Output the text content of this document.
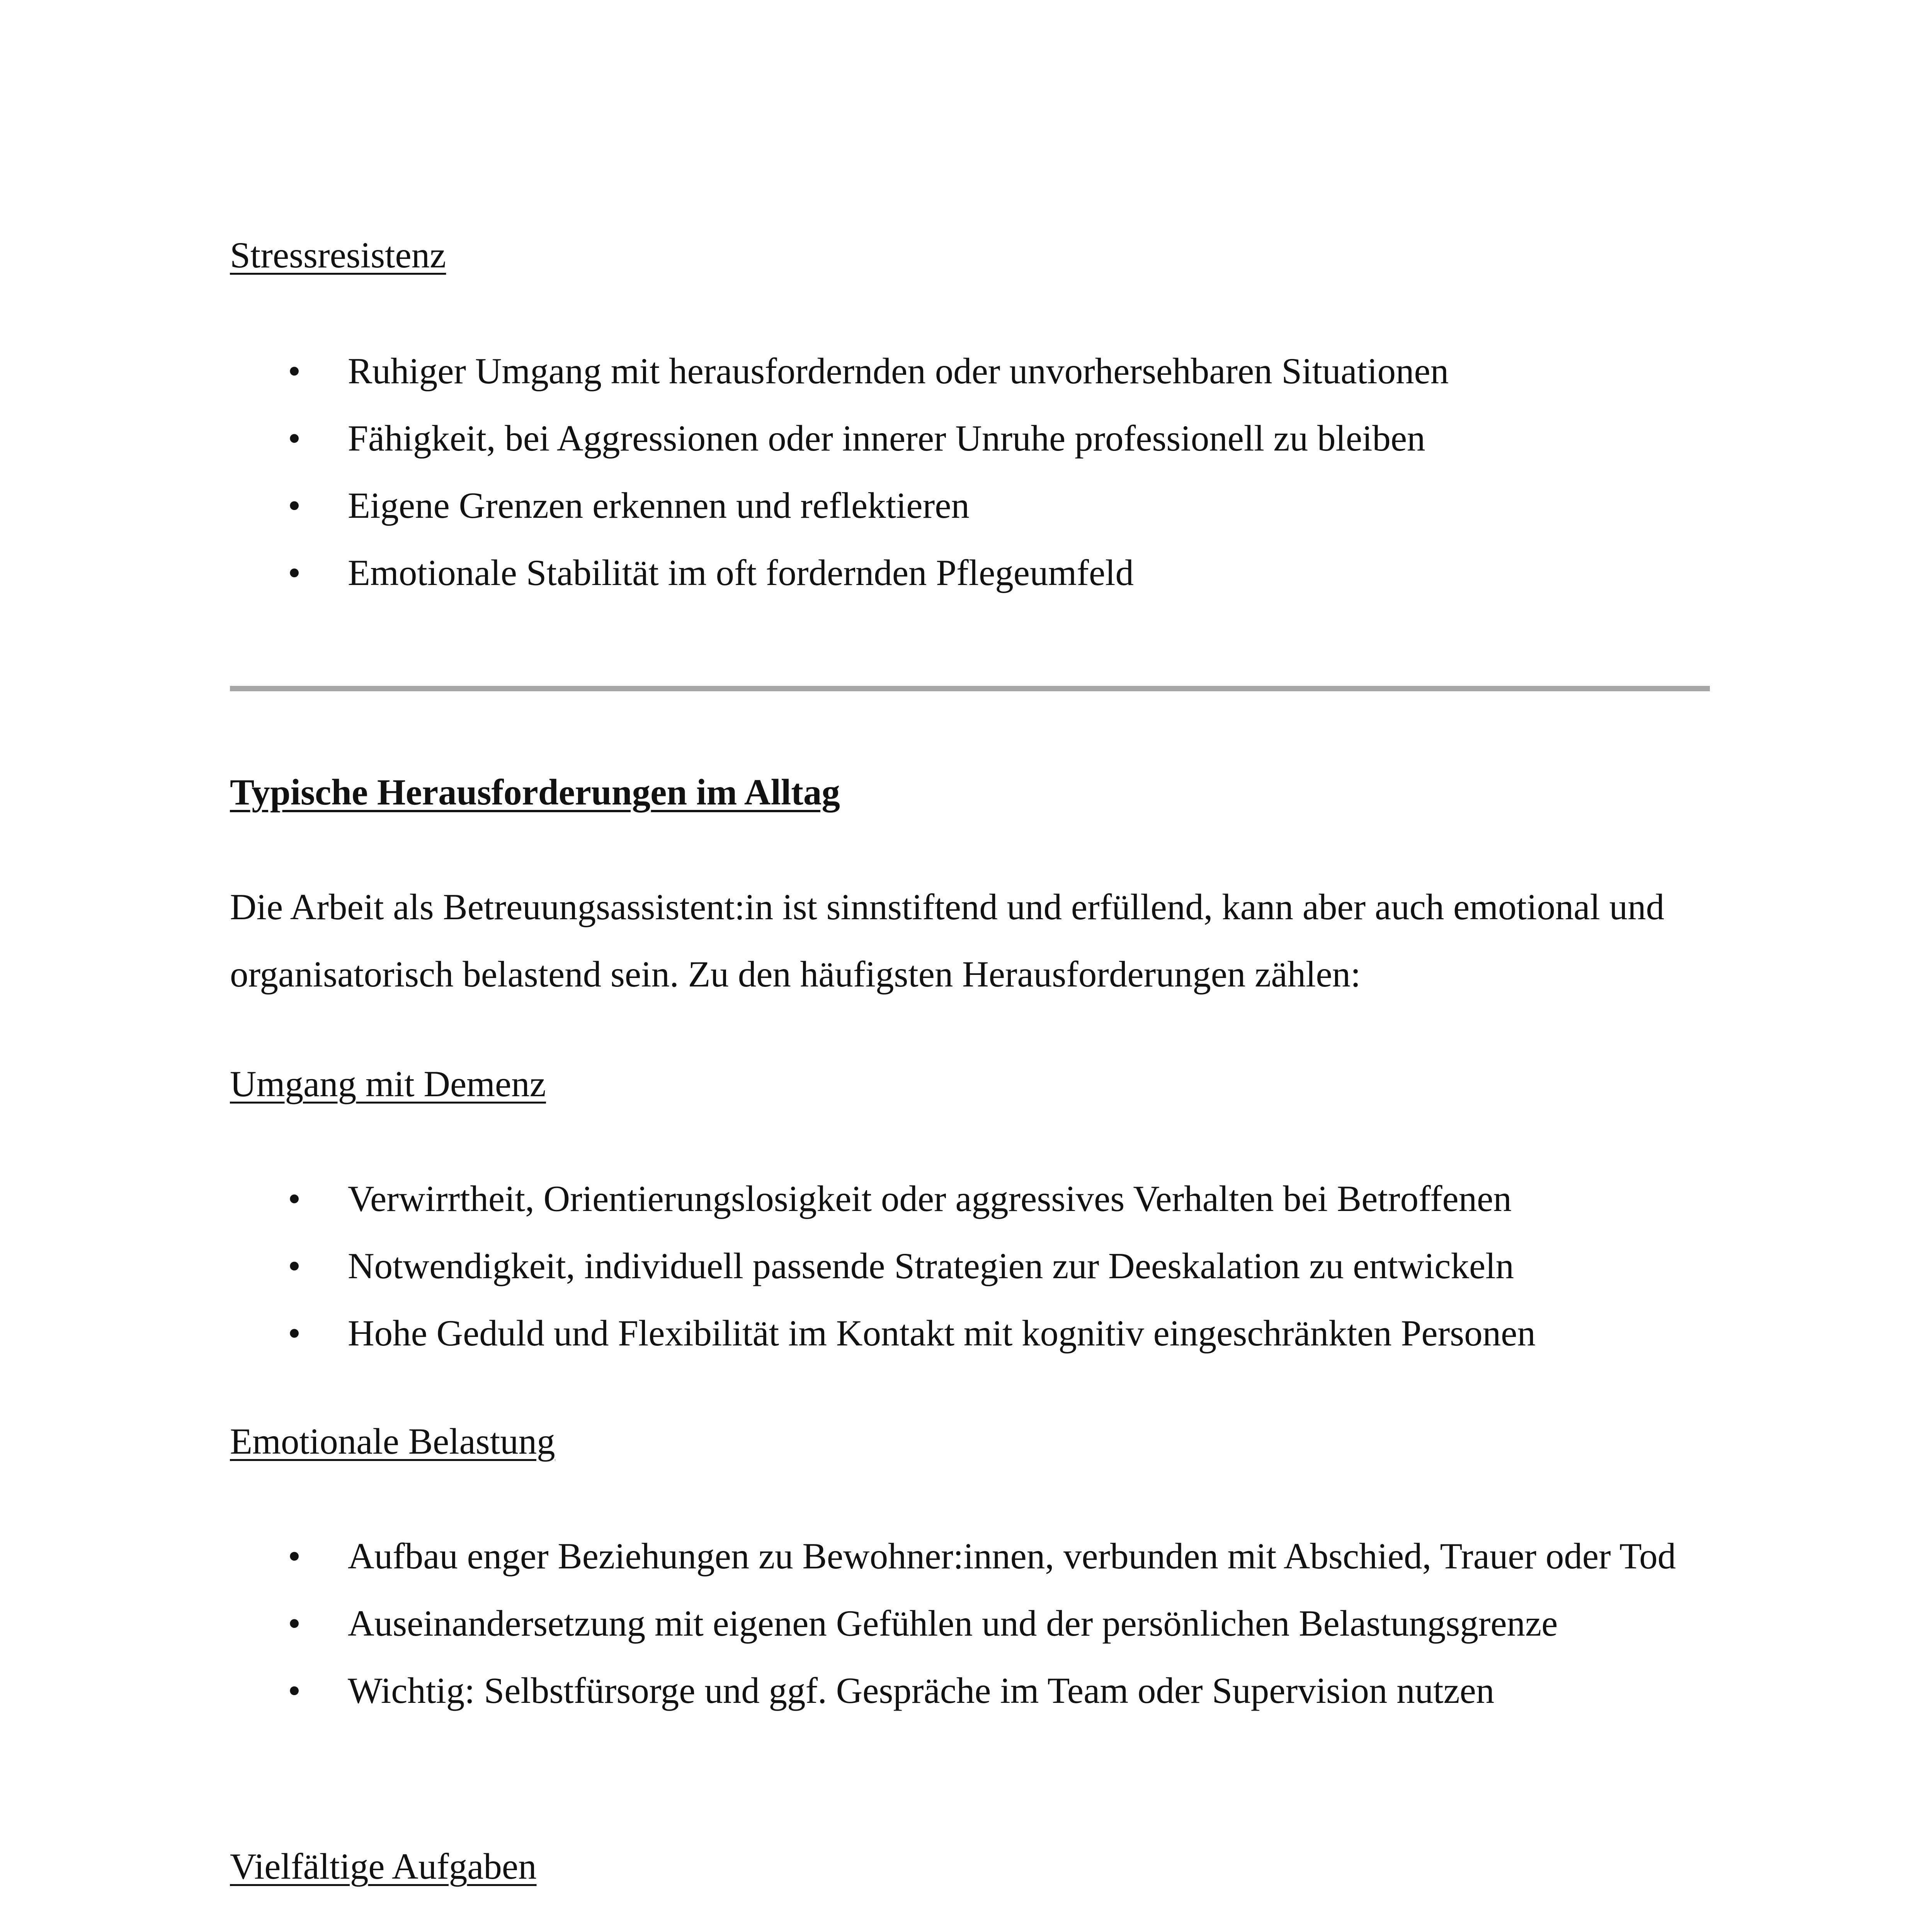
Stressresistenz

• Ruhiger Umgang mit herausfordernden oder unvorhersehbaren Situationen
• Fähigkeit, bei Aggressionen oder innerer Unruhe professionell zu bleiben
• Eigene Grenzen erkennen und reflektieren
• Emotionale Stabilität im oft fordernden Pflegeumfeld

Typische Herausforderungen im Alltag

Die Arbeit als Betreuungsassistent:in ist sinnstiftend und erfüllend, kann aber auch emotional und organisatorisch belastend sein. Zu den häufigsten Herausforderungen zählen:

Umgang mit Demenz

• Verwirrtheit, Orientierungslosigkeit oder aggressives Verhalten bei Betroffenen
• Notwendigkeit, individuell passende Strategien zur Deeskalation zu entwickeln
• Hohe Geduld und Flexibilität im Kontakt mit kognitiv eingeschränkten Personen

Emotionale Belastung

• Aufbau enger Beziehungen zu Bewohner:innen, verbunden mit Abschied, Trauer oder Tod
• Auseinandersetzung mit eigenen Gefühlen und der persönlichen Belastungsgrenze
• Wichtig: Selbstfürsorge und ggf. Gespräche im Team oder Supervision nutzen

Vielfältige Aufgaben
